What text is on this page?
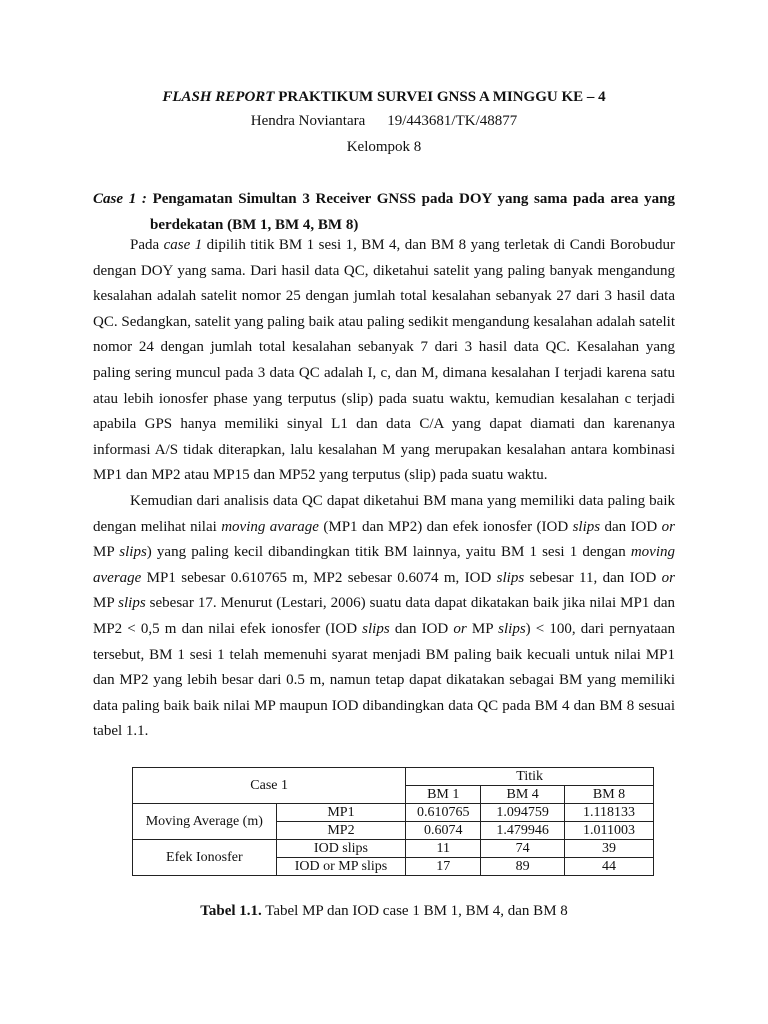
FLASH REPORT PRAKTIKUM SURVEI GNSS A MINGGU KE – 4
Hendra Noviantara 19/443681/TK/48877
Kelompok 8
Case 1 : Pengamatan Simultan 3 Receiver GNSS pada DOY yang sama pada area yang
berdekatan (BM 1, BM 4, BM 8)

Pada case 1 dipilih titik BM 1 sesi 1, BM 4, dan BM 8 yang terletak di Candi Borobudur dengan DOY yang sama. Dari hasil data QC, diketahui satelit yang paling banyak mengandung kesalahan adalah satelit nomor 25 dengan jumlah total kesalahan sebanyak 27 dari 3 hasil data QC. Sedangkan, satelit yang paling baik atau paling sedikit mengandung kesalahan adalah satelit nomor 24 dengan jumlah total kesalahan sebanyak 7 dari 3 hasil data QC. Kesalahan yang paling sering muncul pada 3 data QC adalah I, c, dan M, dimana kesalahan I terjadi karena satu atau lebih ionosfer phase yang terputus (slip) pada suatu waktu, kemudian kesalahan c terjadi apabila GPS hanya memiliki sinyal L1 dan data C/A yang dapat diamati dan karenanya informasi A/S tidak diterapkan, lalu kesalahan M yang merupakan kesalahan antara kombinasi MP1 dan MP2 atau MP15 dan MP52 yang terputus (slip) pada suatu waktu.

Kemudian dari analisis data QC dapat diketahui BM mana yang memiliki data paling baik dengan melihat nilai moving avarage (MP1 dan MP2) dan efek ionosfer (IOD slips dan IOD or MP slips) yang paling kecil dibandingkan titik BM lainnya, yaitu BM 1 sesi 1 dengan moving average MP1 sebesar 0.610765 m, MP2 sebesar 0.6074 m, IOD slips sebesar 11, dan IOD or MP slips sebesar 17. Menurut (Lestari, 2006) suatu data dapat dikatakan baik jika nilai MP1 dan MP2 < 0,5 m dan nilai efek ionosfer (IOD slips dan IOD or MP slips) < 100, dari pernyataan tersebut, BM 1 sesi 1 telah memenuhi syarat menjadi BM paling baik kecuali untuk nilai MP1 dan MP2 yang lebih besar dari 0.5 m, namun tetap dapat dikatakan sebagai BM yang memiliki data paling baik baik nilai MP maupun IOD dibandingkan data QC pada BM 4 dan BM 8 sesuai tabel 1.1.

Case 1		Titik		
		BM 1	BM 4	BM 8
Moving Average (m)	MP1	0.610765	1.094759	1.118133
	MP2	0.6074	1.479946	1.011003
Efek Ionosfer	IOD slips	11	74	39
	IOD or MP slips	17	89	44
Tabel 1.1. Tabel MP dan IOD case 1 BM 1, BM 4, dan BM 8
